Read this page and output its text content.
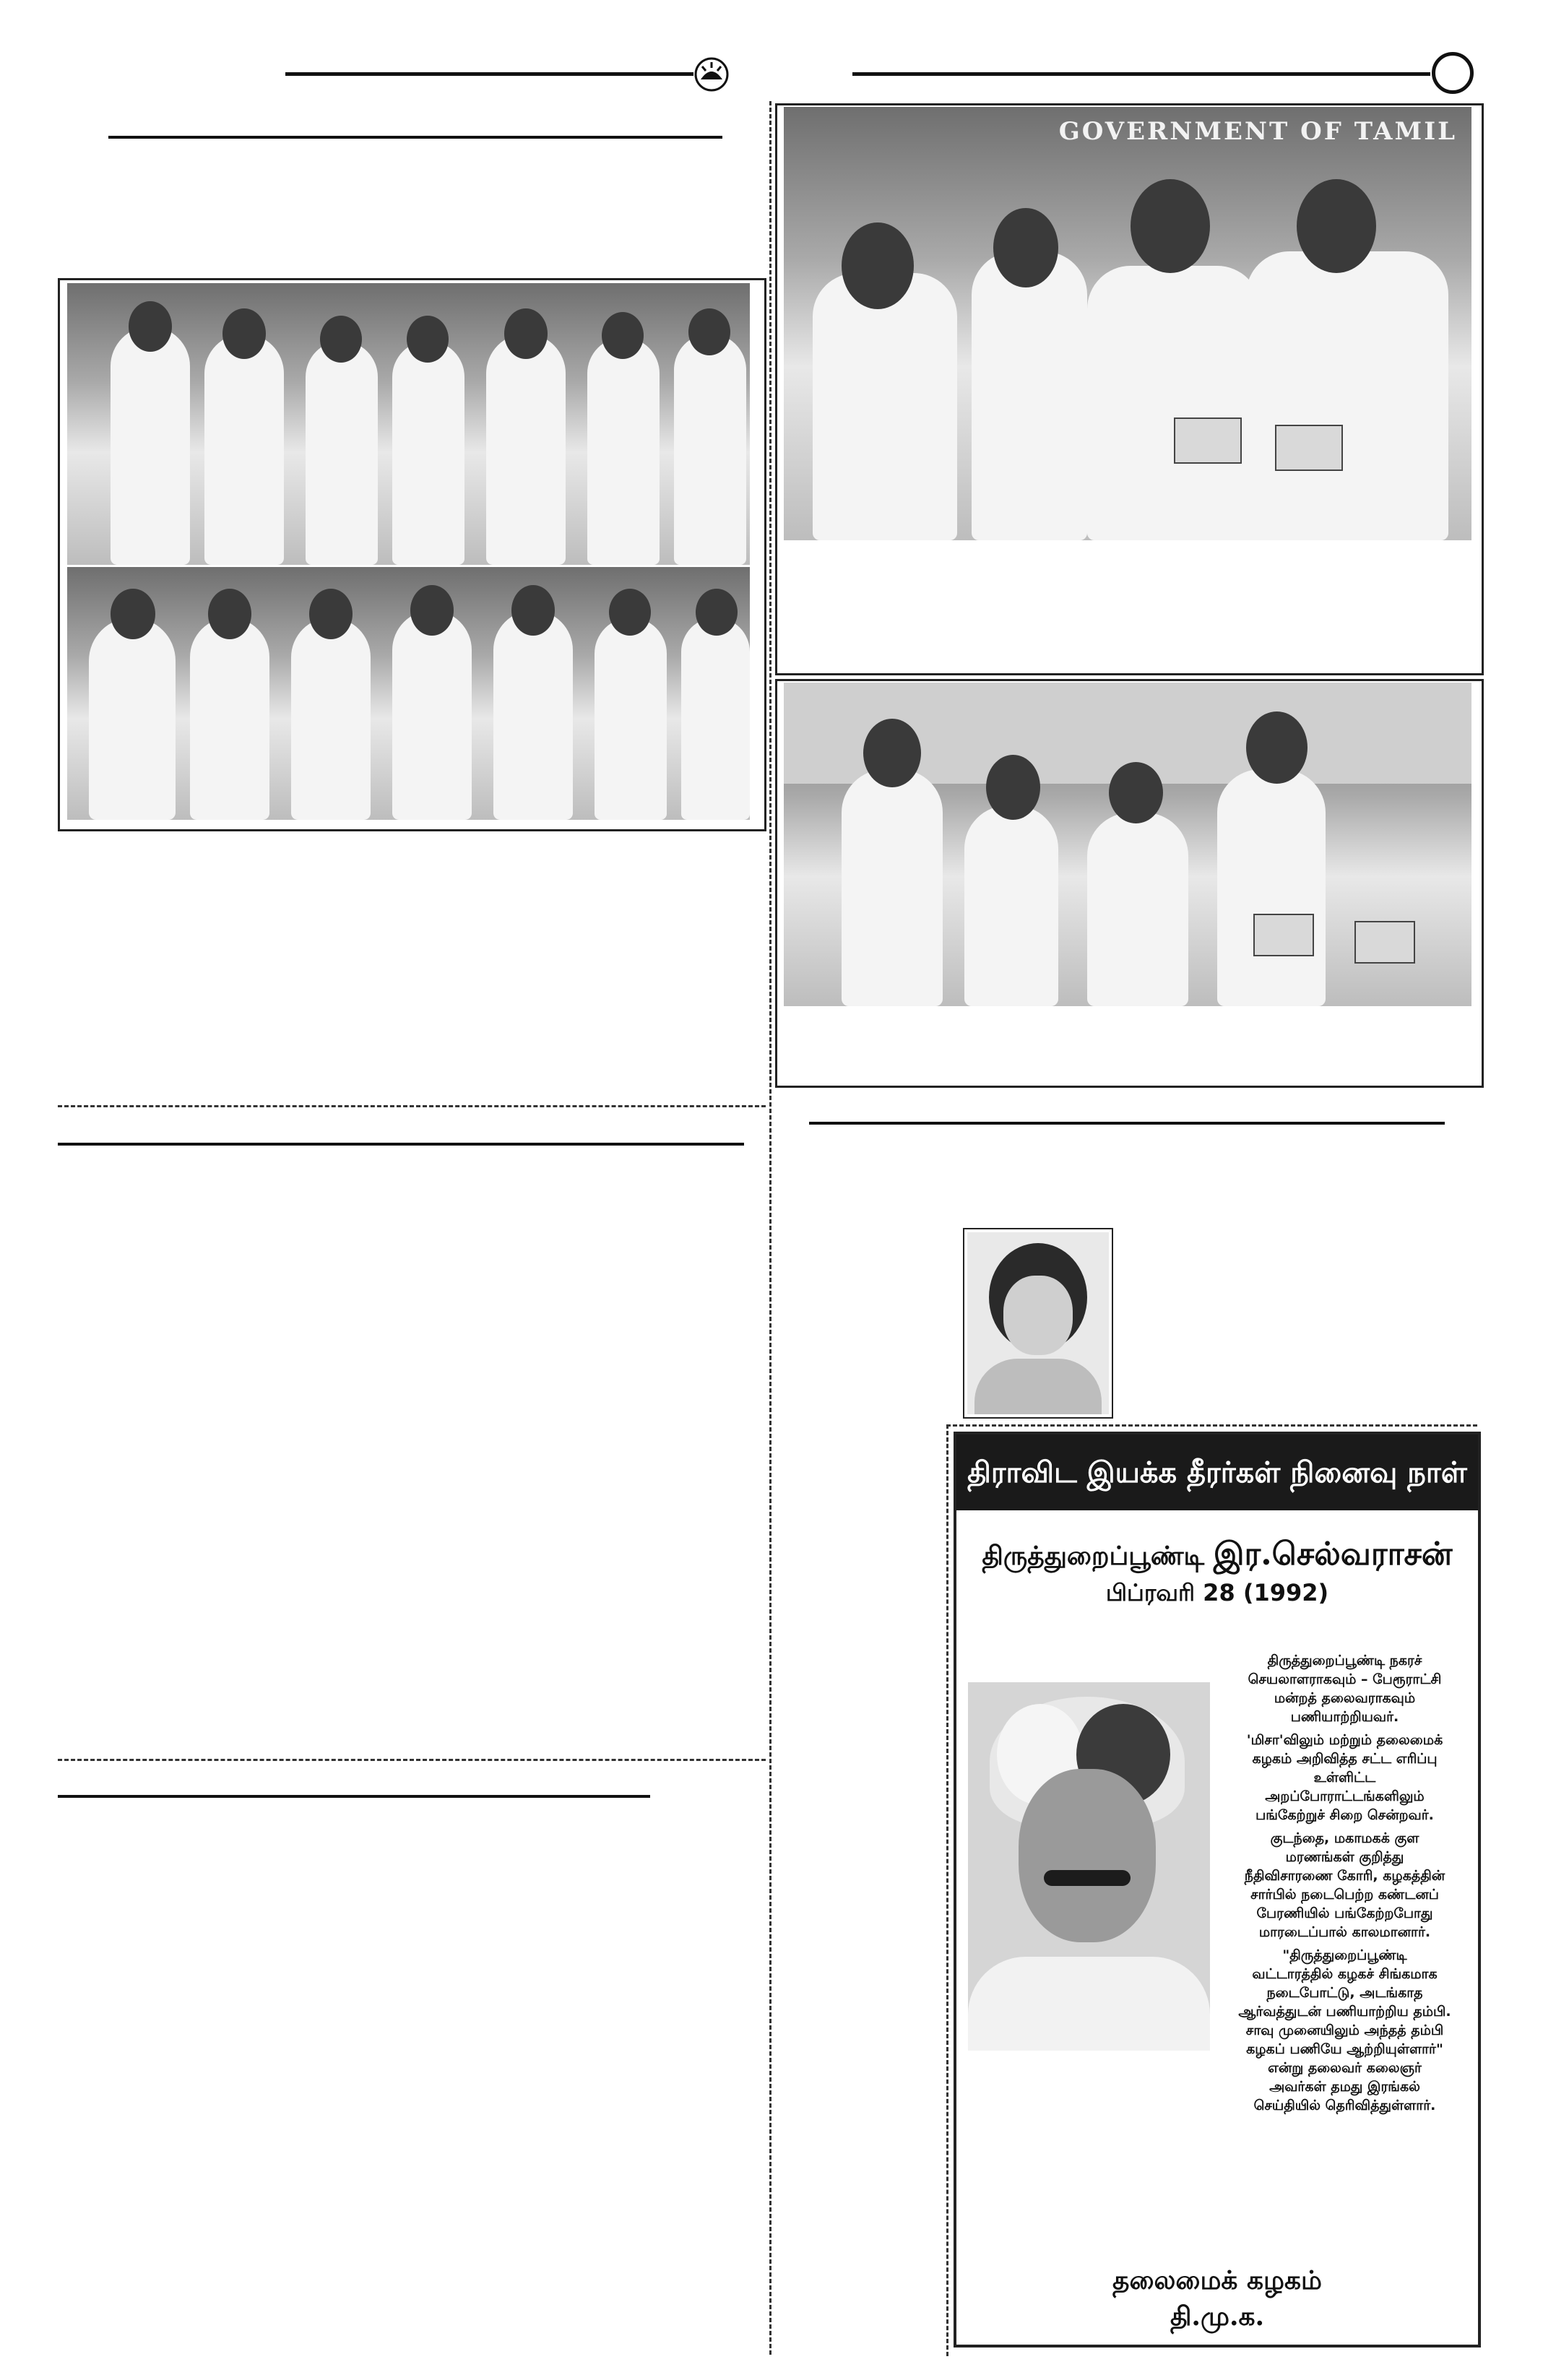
GOVERNMENT OF TAMIL
திராவிட இயக்க தீரர்கள் நினைவு நாள்
திருத்துறைப்பூண்டி இர.செல்வராசன்
பிப்ரவரி 28 (1992)
திருத்துறைப்பூண்டி நகரச்
செயலாளராகவும் – பேரூராட்சி
மன்றத் தலைவராகவும்
பணியாற்றியவர்.
'மிசா'விலும் மற்றும் தலைமைக்
கழகம் அறிவித்த சட்ட எரிப்பு
உள்ளிட்ட
அறப்போராட்டங்களிலும்
பங்கேற்றுச் சிறை சென்றவர்.
குடந்தை, மகாமகக் குள
மரணங்கள் குறித்து
நீதிவிசாரணை கோரி, கழகத்தின்
சார்பில் நடைபெற்ற கண்டனப்
பேரணியில் பங்கேற்றபோது
மாரடைப்பால் காலமானார்.
"திருத்துறைப்பூண்டி
வட்டாரத்தில் கழகச் சிங்கமாக
நடைபோட்டு, அடங்காத
ஆர்வத்துடன் பணியாற்றிய தம்பி.
சாவு முனையிலும் அந்தத் தம்பி
கழகப் பணியே ஆற்றியுள்ளார்"
என்று தலைவர் கலைஞர்
அவர்கள் தமது இரங்கல்
செய்தியில் தெரிவித்துள்ளார்.
தலைமைக் கழகம்
தி.மு.க.
